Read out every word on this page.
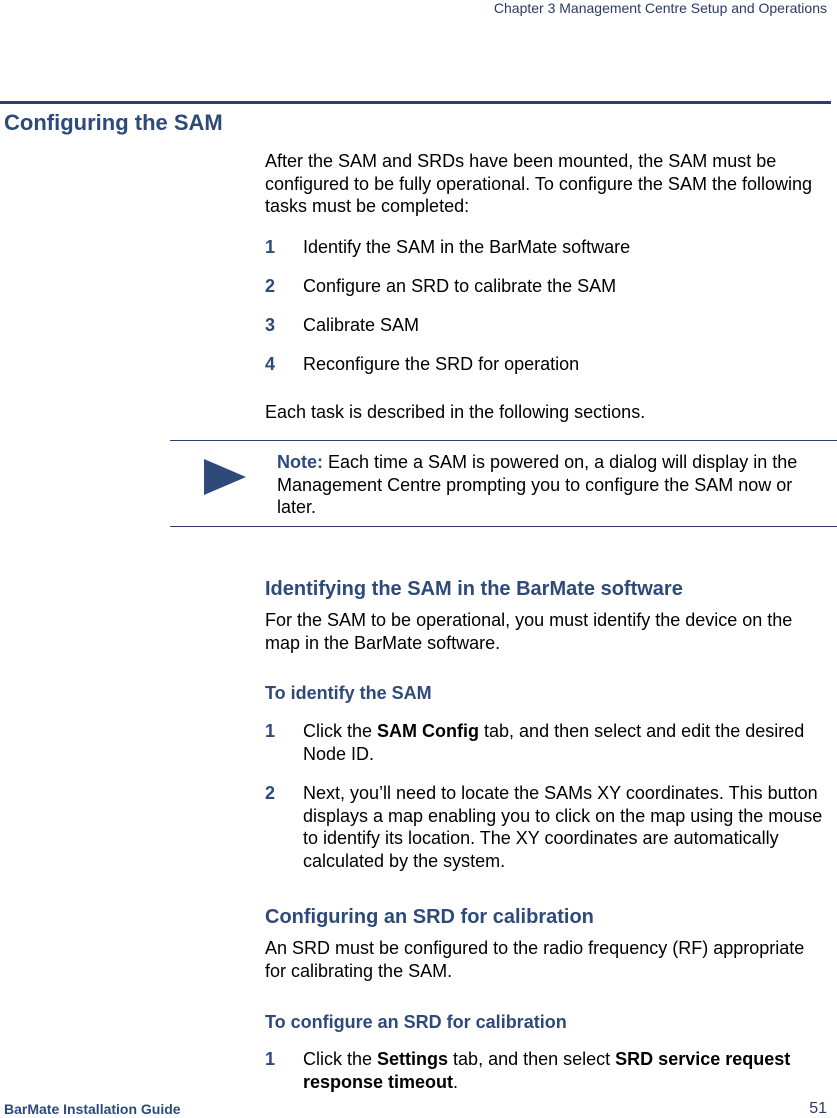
Chapter 3 Management Centre Setup and Operations
Configuring the SAM

After the SAM and SRDs have been mounted, the SAM must be configured to be fully operational. To configure the SAM the following tasks must be completed:

1 Identify the SAM in the BarMate software
2 Configure an SRD to calibrate the SAM
3 Calibrate SAM
4 Reconfigure the SRD for operation

Each task is described in the following sections.

Note: Each time a SAM is powered on, a dialog will display in the Management Centre prompting you to configure the SAM now or later.

Identifying the SAM in the BarMate software

For the SAM to be operational, you must identify the device on the map in the BarMate software.

To identify the SAM
1 Click the SAM Config tab, and then select and edit the desired Node ID.
2 Next, you’ll need to locate the SAMs XY coordinates. This button displays a map enabling you to click on the map using the mouse to identify its location. The XY coordinates are automatically calculated by the system.
Configuring an SRD for calibration

An SRD must be configured to the radio frequency (RF) appropriate for calibrating the SAM.

To configure an SRD for calibration
1 Click the Settings tab, and then select SRD service request response timeout.
BarMate Installation Guide	51
